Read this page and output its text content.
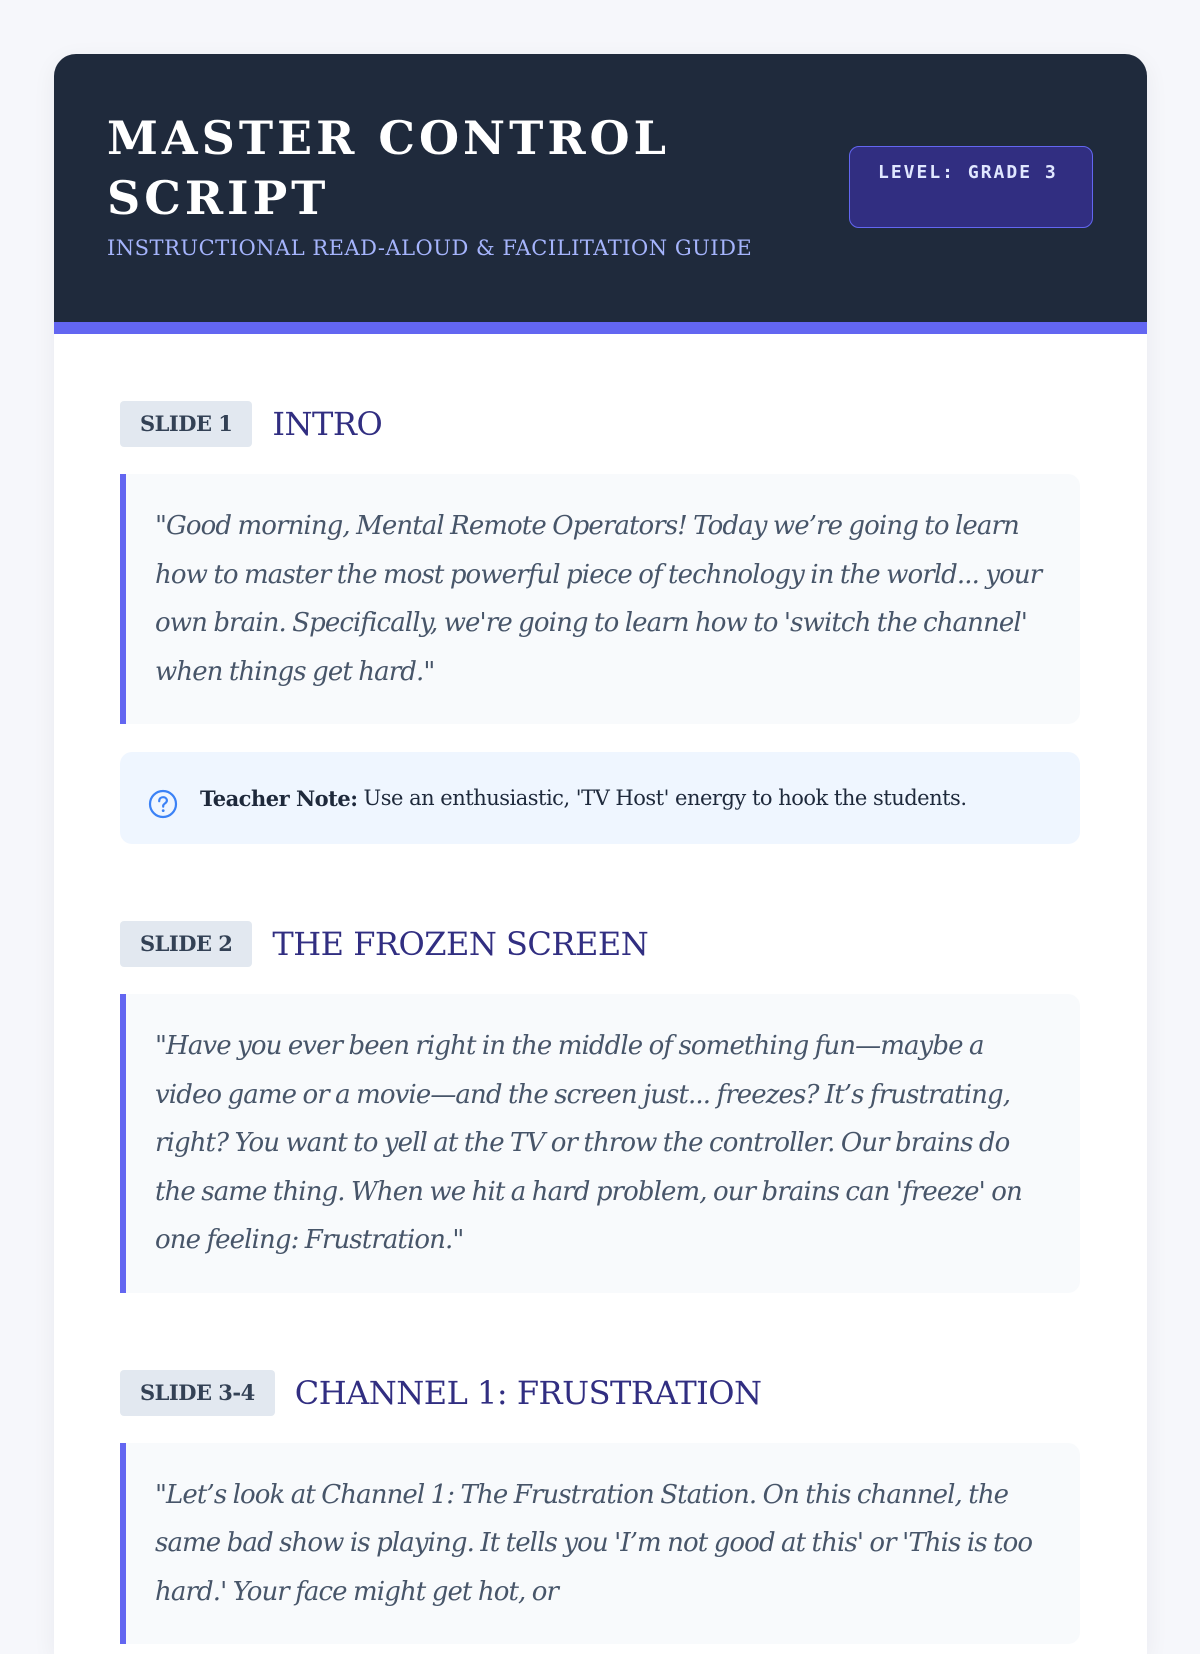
MASTER CONTROL SCRIPT
INSTRUCTIONAL READ-ALOUD & FACILITATION GUIDE
LEVEL: GRADE 3
SLIDE 1	INTRO
"Good morning, Mental Remote Operators! Today we’re going to learn how to master the most powerful piece of technology in the world... your own brain. Specifically, we're going to learn how to 'switch the channel' when things get hard."
Teacher Note: Use an enthusiastic, 'TV Host' energy to hook the students.
SLIDE 2	THE FROZEN SCREEN
"Have you ever been right in the middle of something fun—maybe a video game or a movie—and the screen just... freezes? It’s frustrating, right? You want to yell at the TV or throw the controller. Our brains do the same thing. When we hit a hard problem, our brains can 'freeze' on one feeling: Frustration."
SLIDE 3-4	CHANNEL 1: FRUSTRATION
"Let’s look at Channel 1: The Frustration Station. On this channel, the same bad show is playing. It tells you 'I’m not good at this' or 'This is too hard.' Your face might get hot, or
